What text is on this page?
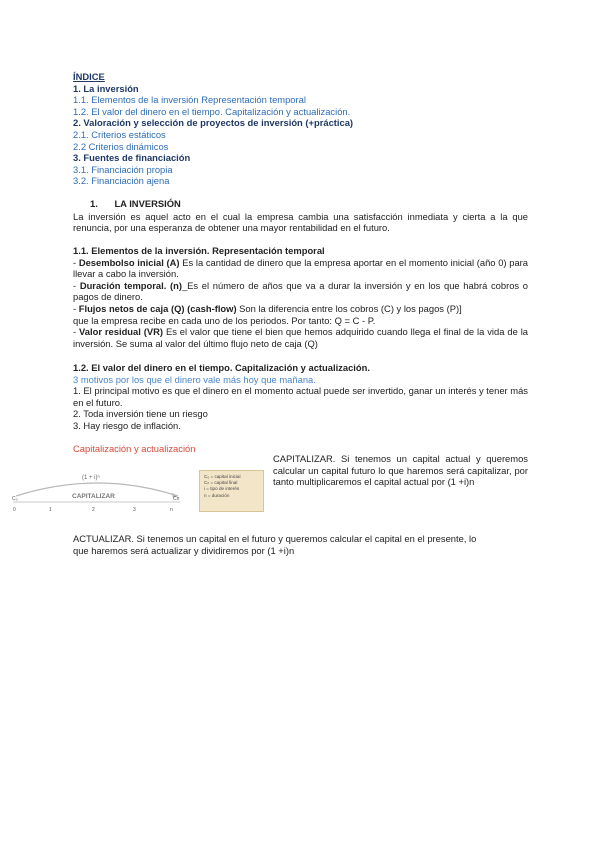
ÍNDICE
1. La inversión
1.1. Elementos de la inversión Representación temporal
1.2. El valor del dinero en el tiempo. Capitalización y actualización.
2. Valoración y selección de proyectos de inversión (+práctica)
2.1. Criterios estáticos
2.2 Criterios dinámicos
3. Fuentes de financiación
3.1. Financiación propia
3.2. Financiación ajena
1. LA INVERSIÓN
La inversión es aquel acto en el cual la empresa cambia una satisfacción inmediata y cierta a la que renuncia, por una esperanza de obtener una mayor rentabilidad en el futuro.
1.1. Elementos de la inversión. Representación temporal
- Desembolso inicial (A) Es la cantidad de dinero que la empresa aportar en el momento inicial (año 0) para llevar a cabo la inversión.
- Duración temporal. (n)_Es el número de años que va a durar la inversión y en los que habrá cobros o pagos de dinero.
- Flujos netos de caja (Q) (cash-flow) Son la diferencia entre los cobros (C) y los pagos (P)]
que la empresa recibe en cada uno de los periodos. Por tanto: Q = C - P.
- Valor residual (VR) Es el valor que tiene el bien que hemos adquirido cuando llega el final de la vida de la inversión. Se suma al valor del último flujo neto de caja (Q)
1.2. El valor del dinero en el tiempo. Capitalización y actualización.
3 motivos por los que el dinero vale más hoy que mañana.
1. El principal motivo es que el dinero en el momento actual puede ser invertido, ganar un interés y tener más en el futuro.
2. Toda inversión tiene un riesgo
3. Hay riesgo de inflación.
Capitalización y actualización
(1 + i)ⁿ
CAPITALIZAR
C₀	Cn
0	1	2	3	n
C₀ = capital inicial
Cₙ = capital final
i = tipo de interés
n = duración
CAPITALIZAR. Si tenemos un capital actual y queremos calcular un capital futuro lo que haremos será capitalizar, por tanto multiplicaremos el capital actual por (1 +i)n
ACTUALIZAR. Si tenemos un capital en el futuro y queremos calcular el capital en el presente, lo que haremos será actualizar y dividiremos por (1 +i)n
